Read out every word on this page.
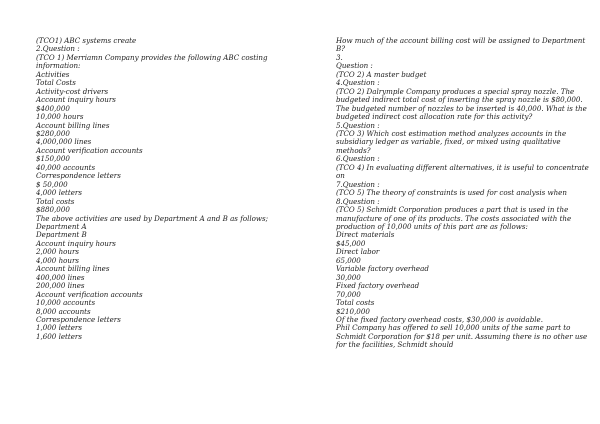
(TCO1) ABC systems create
2.Question :
(TCO 1) Merriamn Company provides the following ABC costing
information:
Activities
Total Costs
Activity-cost drivers
Account inquiry hours
$400,000
10,000 hours
Account billing lines
$280,000
4,000,000 lines
Account verification accounts
$150,000
40,000 accounts
Correspondence letters
$ 50,000
4,000 letters
Total costs
$880,000
The above activities are used by Department A and B as follows;
Department A
Department B
Account inquiry hours
2,000 hours
4,000 hours
Account billing lines
400,000 lines
200,000 lines
Account verification accounts
10,000 accounts
8,000 accounts
Correspondence letters
1,000 letters
1,600 letters
How much of the account billing cost will be assigned to Department
B?
3.
Question :
(TCO 2) A master budget
4.Question :
(TCO 2) Dalrymple Company produces a special spray nozzle. The
budgeted indirect total cost of inserting the spray nozzle is $80,000.
The budgeted number of nozzles to be inserted is 40,000. What is the
budgeted indirect cost allocation rate for this activity?
5.Question :
(TCO 3) Which cost estimation method analyzes accounts in the
subsidiary ledger as variable, fixed, or mixed using qualitative
methods?
6.Question :
(TCO 4) In evaluating different alternatives, it is useful to concentrate
on
7.Question :
(TCO 5) The theory of constraints is used for cost analysis when
8.Question :
(TCO 5) Schmidt Corporation produces a part that is used in the
manufacture of one of its products. The costs associated with the
production of 10,000 units of this part are as follows:
Direct materials
$45,000
Direct labor
65,000
Variable factory overhead
30,000
Fixed factory overhead
70,000
Total costs
$210,000
Of the fixed factory overhead costs, $30,000 is avoidable.
Phil Company has offered to sell 10,000 units of the same part to
Schmidt Corporation for $18 per unit. Assuming there is no other use
for the facilities, Schmidt should
